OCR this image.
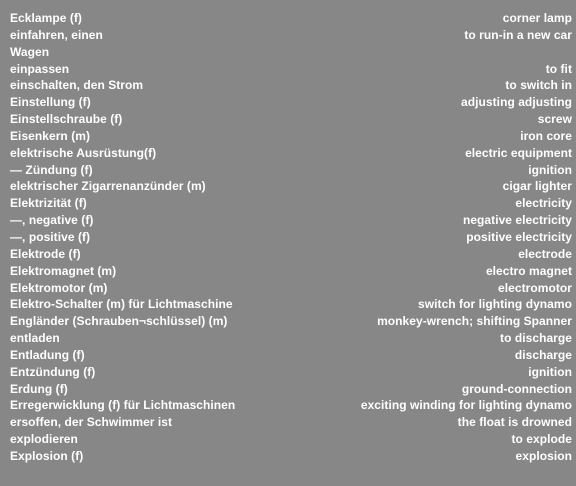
Ecklampe (f)
einfahren, einen
Wagen
einpassen
einschalten, den Strom
Einstellung (f)
Einstellschraube (f)
Eisenkern (m)
elektrische Ausrüstung(f)
— Zündung (f)
elektrischer Zigarrenanzünder (m)
Elektrizität (f)
—, negative (f)
—, positive (f)
Elektrode (f)
Elektromagnet (m)
Elektromotor (m)
Elektro-Schalter (m) für Lichtmaschine
Engländer (Schrauben¬schlüssel) (m)
entladen
Entladung (f)
Entzündung (f)
Erdung (f)
Erregerwicklung (f) für Lichtmaschinen
ersoffen, der Schwimmer ist
explodieren
Explosion (f)
corner lamp
to run-in a new car
to fit
to switch in
adjusting adjusting
screw
iron core
electric equipment
ignition
cigar lighter
electricity
negative electricity
positive electricity
electrode
electro magnet
electromotor
switch for lighting dynamo
monkey-wrench; shifting Spanner
to discharge
discharge
ignition
ground-connection
exciting winding for lighting dynamo
the float is drowned
to explode
explosion
